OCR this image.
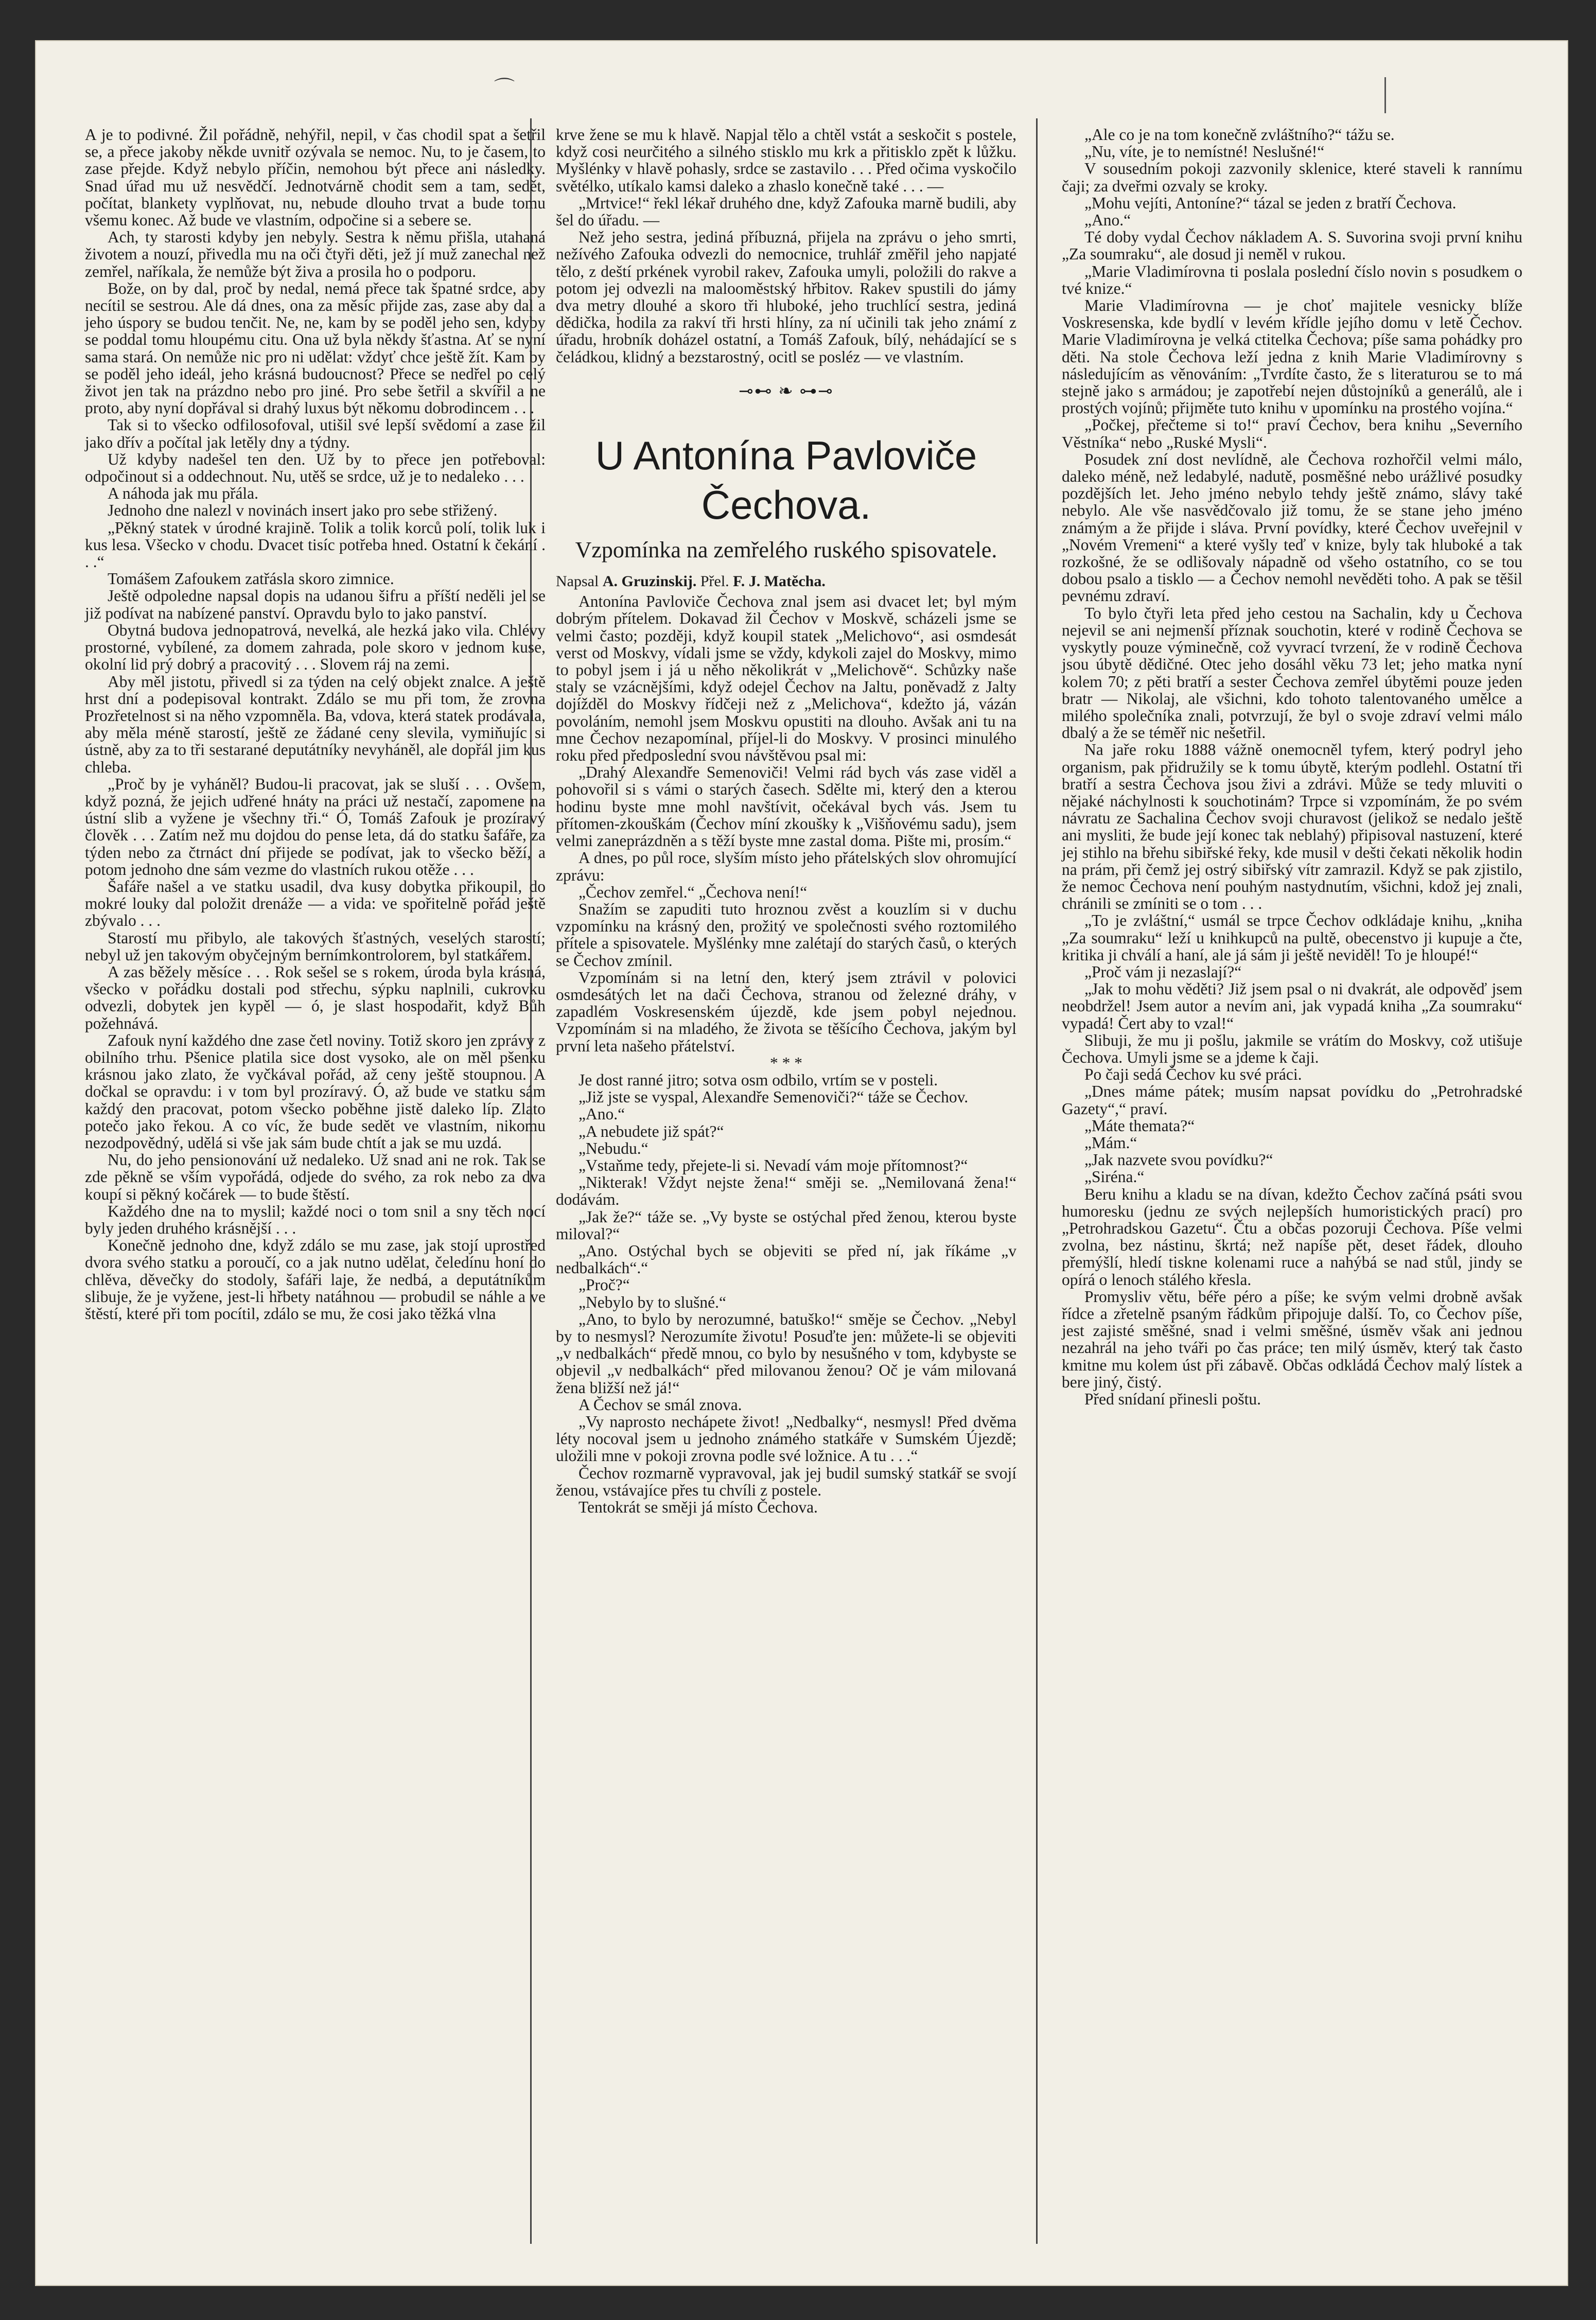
⌒

A je to podivné. Žil pořádně, nehýřil, nepil, v čas chodil spat a šetřil se, a přece jakoby někde uvnitř ozývala se nemoc. Nu, to je časem, to zase přejde. Když nebylo příčin, nemohou být přece ani následky. Snad úřad mu už nesvědčí. Jednotvárně chodit sem a tam, sedět, počítat, blankety vyplňovat, nu, nebude dlouho trvat a bude tomu všemu konec. Až bude ve vlastním, odpočine si a sebere se.

Ach, ty starosti kdyby jen nebyly. Sestra k němu přišla, utahaná životem a nouzí, přivedla mu na oči čtyři děti, jež jí muž zanechal než zemřel, naříkala, že nemůže být živa a prosila ho o podporu.

Bože, on by dal, proč by nedal, nemá přece tak špatné srdce, aby necítil se sestrou. Ale dá dnes, ona za měsíc přijde zas, zase aby dal a jeho úspory se budou tenčit. Ne, ne, kam by se poděl jeho sen, kdyby se poddal tomu hloupému citu. Ona už byla někdy šťastna. Ať se nyní sama stará. On nemůže nic pro ni udělat: vždyť chce ještě žít. Kam by se poděl jeho ideál, jeho krásná budoucnost? Přece se nedřel po celý život jen tak na prázdno nebo pro jiné. Pro sebe šetřil a skvířil a ne proto, aby nyní dopřával si drahý luxus být někomu dobrodincem . . .

Tak si to všecko odfilosofoval, utišil své lepší svědomí a zase žil jako dřív a počítal jak letěly dny a týdny.

Už kdyby nadešel ten den. Už by to přece jen potřeboval: odpočinout si a oddechnout. Nu, utěš se srdce, už je to nedaleko . . .

A náhoda jak mu přála.

Jednoho dne nalezl v novinách insert jako pro sebe střižený.

„Pěkný statek v úrodné krajině. Tolik a tolik korců polí, tolik luk i kus lesa. Všecko v chodu. Dvacet tisíc potřeba hned. Ostatní k čekání . . .“

Tomášem Zafoukem zatřásla skoro zimnice.

Ještě odpoledne napsal dopis na udanou šifru a příští neděli jel se již podívat na nabízené panství. Opravdu bylo to jako panství.

Obytná budova jednopatrová, nevelká, ale hezká jako vila. Chlévy prostorné, vybílené, za domem zahrada, pole skoro v jednom kuse, okolní lid prý dobrý a pracovitý . . . Slovem ráj na zemi.

Aby měl jistotu, přivedl si za týden na celý objekt znalce. A ještě hrst dní a podepisoval kontrakt. Zdálo se mu při tom, že zrovna Prozřetelnost si na něho vzpomněla. Ba, vdova, která statek prodávala, aby měla méně starostí, ještě ze žádané ceny slevila, vymiňujíc si ústně, aby za to tři sestarané deputátníky nevyháněl, ale dopřál jim kus chleba.

„Proč by je vyháněl? Budou-li pracovat, jak se sluší . . . Ovšem, když pozná, že jejich udřené hnáty na práci už nestačí, zapomene na ústní slib a vyžene je všechny tři.“ Ó, Tomáš Zafouk je prozíravý člověk . . . Zatím než mu dojdou do pense leta, dá do statku šafáře, za týden nebo za čtrnáct dní přijede se podívat, jak to všecko běží, a potom jednoho dne sám vezme do vlastních rukou otěže . . .

Šafáře našel a ve statku usadil, dva kusy dobytka přikoupil, do mokré louky dal položit drenáže — a vida: ve spořitelně pořád ještě zbývalo . . .

Starostí mu přibylo, ale takových šťastných, veselých starostí; nebyl už jen takovým obyčejným bernímkontrolorem, byl statkářem.

A zas běžely měsíce . . . Rok sešel se s rokem, úroda byla krásná, všecko v pořádku dostali pod střechu, sýpku naplnili, cukrovku odvezli, dobytek jen kypěl — ó, je slast hospodařit, když Bůh požehnává.

Zafouk nyní každého dne zase četl noviny. Totiž skoro jen zprávy z obilního trhu. Pšenice platila sice dost vysoko, ale on měl pšenku krásnou jako zlato, že vyčkával pořád, až ceny ještě stoupnou. A dočkal se opravdu: i v tom byl prozíravý. Ó, až bude ve statku sám každý den pracovat, potom všecko poběhne jistě daleko líp. Zlato potečo jako řekou. A co víc, že bude sedět ve vlastním, nikomu nezodpovědný, udělá si vše jak sám bude chtít a jak se mu uzdá.

Nu, do jeho pensionování už nedaleko. Už snad ani ne rok. Tak se zde pěkně se vším vypořádá, odjede do svého, za rok nebo za dva koupí si pěkný kočárek — to bude štěstí.

Každého dne na to myslil; každé noci o tom snil a sny těch nocí byly jeden druhého krásnější . . .

Konečně jednoho dne, když zdálo se mu zase, jak stojí uprostřed dvora svého statku a poroučí, co a jak nutno udělat, čeledínu honí do chlěva, děvečky do stodoly, šafáři laje, že nedbá, a deputátníkům slibuje, že je vyžene, jest-li hřbety natáhnou — probudil se náhle a ve štěstí, které při tom pocítil, zdálo se mu, že cosi jako těžká vlna

krve žene se mu k hlavě. Napjal tělo a chtěl vstát a seskočit s postele, když cosi neurčitého a silného stisklo mu krk a přitisklo zpět k lůžku. Myšlénky v hlavě pohasly, srdce se zastavilo . . . Před očima vyskočilo světélko, utíkalo kamsi daleko a zhaslo konečně také . . . —

„Mrtvice!“ řekl lékař druhého dne, když Zafouka marně budili, aby šel do úřadu. —

Než jeho sestra, jediná příbuzná, přijela na zprávu o jeho smrti, nežívého Zafouka odvezli do nemocnice, truhlář změřil jeho napjaté tělo, z deští prkének vyrobil rakev, Zafouka umyli, položili do rakve a potom jej odvezli na malooměstský hřbitov. Rakev spustili do jámy dva metry dlouhé a skoro tři hluboké, jeho truchlící sestra, jediná dědička, hodila za rakví tři hrsti hlíny, za ní učinili tak jeho známí z úřadu, hrobník doházel ostatní, a Tomáš Zafouk, bílý, nehádající se s čeládkou, klidný a bezstarostný, ocitl se posléz — ve vlastním.

⊸⊷ ❧ ⊶⊸
U Antonína Pavloviče Čechova.
Vzpomínka na zemřelého ruského spisovatele.

Napsal A. Gruzinskij. Přel. F. J. Matěcha.

Antonína Pavloviče Čechova znal jsem asi dvacet let; byl mým dobrým přítelem. Dokavad žil Čechov v Moskvě, scházeli jsme se velmi často; později, když koupil statek „Melichovo“, asi osmdesát verst od Moskvy, vídali jsme se vždy, kdykoli zajel do Moskvy, mimo to pobyl jsem i já u něho několikrát v „Melichově“. Schůzky naše staly se vzácnějšími, když odejel Čechov na Jaltu, poněvadž z Jalty dojížděl do Moskvy řídčeji než z „Melichova“, kdežto já, vázán povoláním, nemohl jsem Moskvu opustiti na dlouho. Avšak ani tu na mne Čechov nezapomínal, příjel-li do Moskvy. V prosinci minulého roku před předposlední svou návštěvou psal mi:

„Drahý Alexandře Semenoviči! Velmi rád bych vás zase viděl a pohovořil si s vámi o starých časech. Sdělte mi, který den a kterou hodinu byste mne mohl navštívit, očekával bych vás. Jsem tu přítomen-zkouškám (Čechov míní zkoušky k „Višňovému sadu), jsem velmi zaneprázdněn a s těží byste mne zastal doma. Pište mi, prosím.“

A dnes, po půl roce, slyším místo jeho přátelských slov ohromující zprávu:

„Čechov zemřel.“ „Čechova není!“

Snažím se zapuditi tuto hroznou zvěst a kouzlím si v duchu vzpomínku na krásný den, prožitý ve společnosti svého roztomilého přítele a spisovatele. Myšlénky mne zalétají do starých časů, o kterých se Čechov zmínil.

Vzpomínám si na letní den, který jsem ztrávil v polovici osmdesátých let na dači Čechova, stranou od železné dráhy, v zapadlém Voskresenském újezdě, kde jsem pobyl nejednou. Vzpomínám si na mladého, že života se těšícího Čechova, jakým byl první leta našeho přátelství.

* * *

Je dost ranné jitro; sotva osm odbilo, vrtím se v posteli.

„Již jste se vyspal, Alexandře Semenoviči?“ táže se Čechov.

„Ano.“

„A nebudete již spát?“

„Nebudu.“

„Vstaňme tedy, přejete-li si. Nevadí vám moje přítomnost?“

„Nikterak! Vždyt nejste žena!“ směji se. „Nemilovaná žena!“ dodávám.

„Jak že?“ táže se. „Vy byste se ostýchal před ženou, kterou byste miloval?“

„Ano. Ostýchal bych se objeviti se před ní, jak říkáme „v nedbalkách“.“

„Proč?“

„Nebylo by to slušné.“

„Ano, to bylo by nerozumné, batuško!“ směje se Čechov. „Nebyl by to nesmysl? Nerozumíte životu! Posuďte jen: můžete-li se objeviti „v nedbalkách“ předě mnou, co bylo by nesušného v tom, kdybyste se objevil „v nedbalkách“ před milovanou ženou? Oč je vám milovaná žena bližší než já!“

A Čechov se smál znova.

„Vy naprosto nechápete život! „Nedbalky“, nesmysl! Před dvěma léty nocoval jsem u jednoho známého statkáře v Sumském Újezdě; uložili mne v pokoji zrovna podle své ložnice. A tu . . .“

Čechov rozmarně vypravoval, jak jej budil sumský statkář se svojí ženou, vstávajíce přes tu chvíli z postele.

Tentokrát se směji já místo Čechova.

„Ale co je na tom konečně zvláštního?“ tážu se.

„Nu, víte, je to nemístné! Neslušné!“

V sousedním pokoji zazvonily sklenice, které staveli k rannímu čaji; za dveřmi ozvaly se kroky.

„Mohu vejíti, Antoníne?“ tázal se jeden z bratří Čechova.

„Ano.“

Té doby vydal Čechov nákladem A. S. Suvorina svoji první knihu „Za soumraku“, ale dosud ji neměl v rukou.

„Marie Vladimírovna ti poslala poslední číslo novin s posudkem o tvé knize.“

Marie Vladimírovna — je choť majitele vesnicky blíže Voskresenska, kde bydlí v levém křídle jejího domu v letě Čechov. Marie Vladimírovna je velká ctitelka Čechova; píše sama pohádky pro děti. Na stole Čechova leží jedna z knih Marie Vladimírovny s následujícím as věnováním: „Tvrdíte často, že s literaturou se to má stejně jako s armádou; je zapotřebí nejen důstojníků a generálů, ale i prostých vojínů; přijměte tuto knihu v upomínku na prostého vojína.“

„Počkej, přečteme si to!“ praví Čechov, bera knihu „Severního Věstníka“ nebo „Ruské Mysli“.

Posudek zní dost nevlídně, ale Čechova rozhořčil velmi málo, daleko méně, než ledabylé, nadutě, posměšné nebo urážlivé posudky pozdějších let. Jeho jméno nebylo tehdy ještě známo, slávy také nebylo. Ale vše nasvědčovalo již tomu, že se stane jeho jméno známým a že přijde i sláva. První povídky, které Čechov uveřejnil v „Novém Vremeni“ a které vyšly teď v knize, byly tak hluboké a tak rozkošné, že se odlišovaly nápadně od všeho ostatního, co se tou dobou psalo a tisklo — a Čechov nemohl nevěděti toho. A pak se těšil pevnému zdraví.

To bylo čtyři leta před jeho cestou na Sachalin, kdy u Čechova nejevil se ani nejmenší příznak souchotin, které v rodině Čechova se vyskytly pouze výminečně, což vyvrací tvrzení, že v rodině Čechova jsou úbytě dědičné. Otec jeho dosáhl věku 73 let; jeho matka nyní kolem 70; z pěti bratří a sester Čechova zemřel úbytěmi pouze jeden bratr — Nikolaj, ale všichni, kdo tohoto talentovaného umělce a milého společníka znali, potvrzují, že byl o svoje zdraví velmi málo dbalý a že se téměř nic nešetřil.

Na jaře roku 1888 vážně onemocněl tyfem, který podryl jeho organism, pak přidružily se k tomu úbytě, kterým podlehl. Ostatní tři bratří a sestra Čechova jsou živi a zdrávi. Může se tedy mluviti o nějaké náchylnosti k souchotinám? Trpce si vzpomínám, že po svém návratu ze Sachalina Čechov svoji churavost (jelikož se nedalo ještě ani mysliti, že bude její konec tak neblahý) připisoval nastuzení, které jej stihlo na břehu sibiřské řeky, kde musil v dešti čekati několik hodin na prám, při čemž jej ostrý sibiřský vítr zamrazil. Když se pak zjistilo, že nemoc Čechova není pouhým nastydnutím, všichni, kdož jej znali, chránili se zmíniti se o tom . . .

„To je zvláštní,“ usmál se trpce Čechov odkládaje knihu, „kniha „Za soumraku“ leží u knihkupců na pultě, obecenstvo ji kupuje a čte, kritika ji chválí a haní, ale já sám ji ještě neviděl! To je hloupé!“

„Proč vám ji nezaslají?“

„Jak to mohu věděti? Již jsem psal o ni dvakrát, ale odpověď jsem neobdržel! Jsem autor a nevím ani, jak vypadá kniha „Za soumraku“ vypadá! Čert aby to vzal!“

Slibuji, že mu ji pošlu, jakmile se vrátím do Moskvy, což utišuje Čechova. Umyli jsme se a jdeme k čaji.

Po čaji sedá Čechov ku své práci.

„Dnes máme pátek; musím napsat povídku do „Petrohradské Gazety“,“ praví.

„Máte themata?“

„Mám.“

„Jak nazvete svou povídku?“

„Siréna.“

Beru knihu a kladu se na dívan, kdežto Čechov začíná psáti svou humoresku (jednu ze svých nejlepších humoristických prací) pro „Petrohradskou Gazetu“. Čtu a občas pozoruji Čechova. Píše velmi zvolna, bez nástinu, škrtá; než napíše pět, deset řádek, dlouho přemýšlí, hledí tiskne kolenami ruce a nahýbá se nad stůl, jindy se opírá o lenoch stálého křesla.

Promysliv větu, béře péro a píše; ke svým velmi drobně avšak řídce a zřetelně psaným řádkům připojuje další. To, co Čechov píše, jest zajisté směšné, snad i velmi směšné, úsměv však ani jednou nezahrál na jeho tváři po čas práce; ten milý úsměv, který tak často kmitne mu kolem úst při zábavě. Občas odkládá Čechov malý lístek a bere jiný, čistý.

Před snídaní přinesli poštu.
